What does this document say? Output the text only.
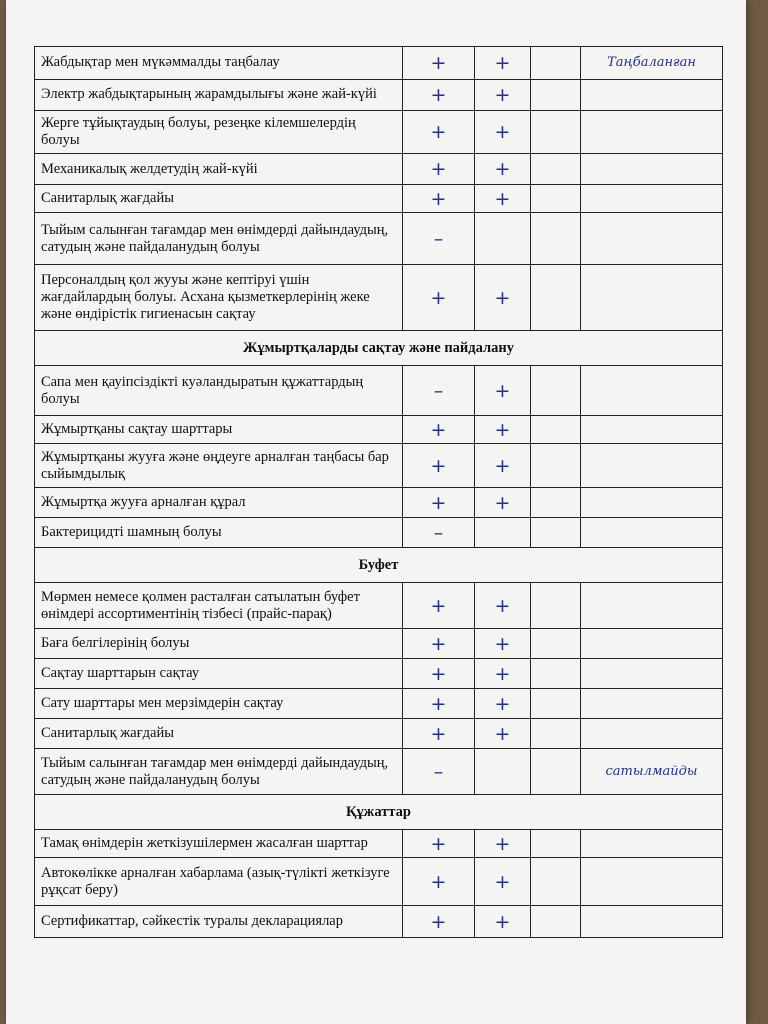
Жабдықтар мен мүкәммалды таңбалау	+	+		Таңбаланған
Электр жабдықтарының жарамдылығы және жай-күйі	+	+		
Жерге тұйықтаудың болуы, резеңке кілемшелердің болуы	+	+		
Механикалық желдетудің жай-күйі	+	+		
Санитарлық жағдайы	+	+		
Тыйым салынған тағамдар мен өнімдерді дайындаудың, сатудың және пайдаланудың болуы	–			
Персоналдың қол жууы және кептіруі үшін жағдайлардың болуы. Асхана қызметкерлерінің жеке және өндірістік гигиенасын сақтау	+	+		
Жұмыртқаларды сақтау және пайдалану				
Сапа мен қауіпсіздікті куәландыратын құжаттардың болуы	–	+		
Жұмыртқаны сақтау шарттары	+	+		
Жұмыртқаны жууға және өңдеуге арналған таңбасы бар сыйымдылық	+	+		
Жұмыртқа жууға арналған құрал	+	+		
Бактерицидті шамның болуы	–			
Буфет				
Мөрмен немесе қолмен расталған сатылатын буфет өнімдері ассортиментінің тізбесі (прайс-парақ)	+	+		
Баға белгілерінің болуы	+	+		
Сақтау шарттарын сақтау	+	+		
Сату шарттары мен мерзімдерін сақтау	+	+		
Санитарлық жағдайы	+	+		
Тыйым салынған тағамдар мен өнімдерді дайындаудың, сатудың және пайдаланудың болуы	–			сатылмайды
Құжаттар				
Тамақ өнімдерін жеткізушілермен жасалған шарттар	+	+		
Автокөлікке арналған хабарлама (азық-түлікті жеткізуге рұқсат беру)	+	+		
Сертификаттар, сәйкестік туралы декларациялар	+	+		
